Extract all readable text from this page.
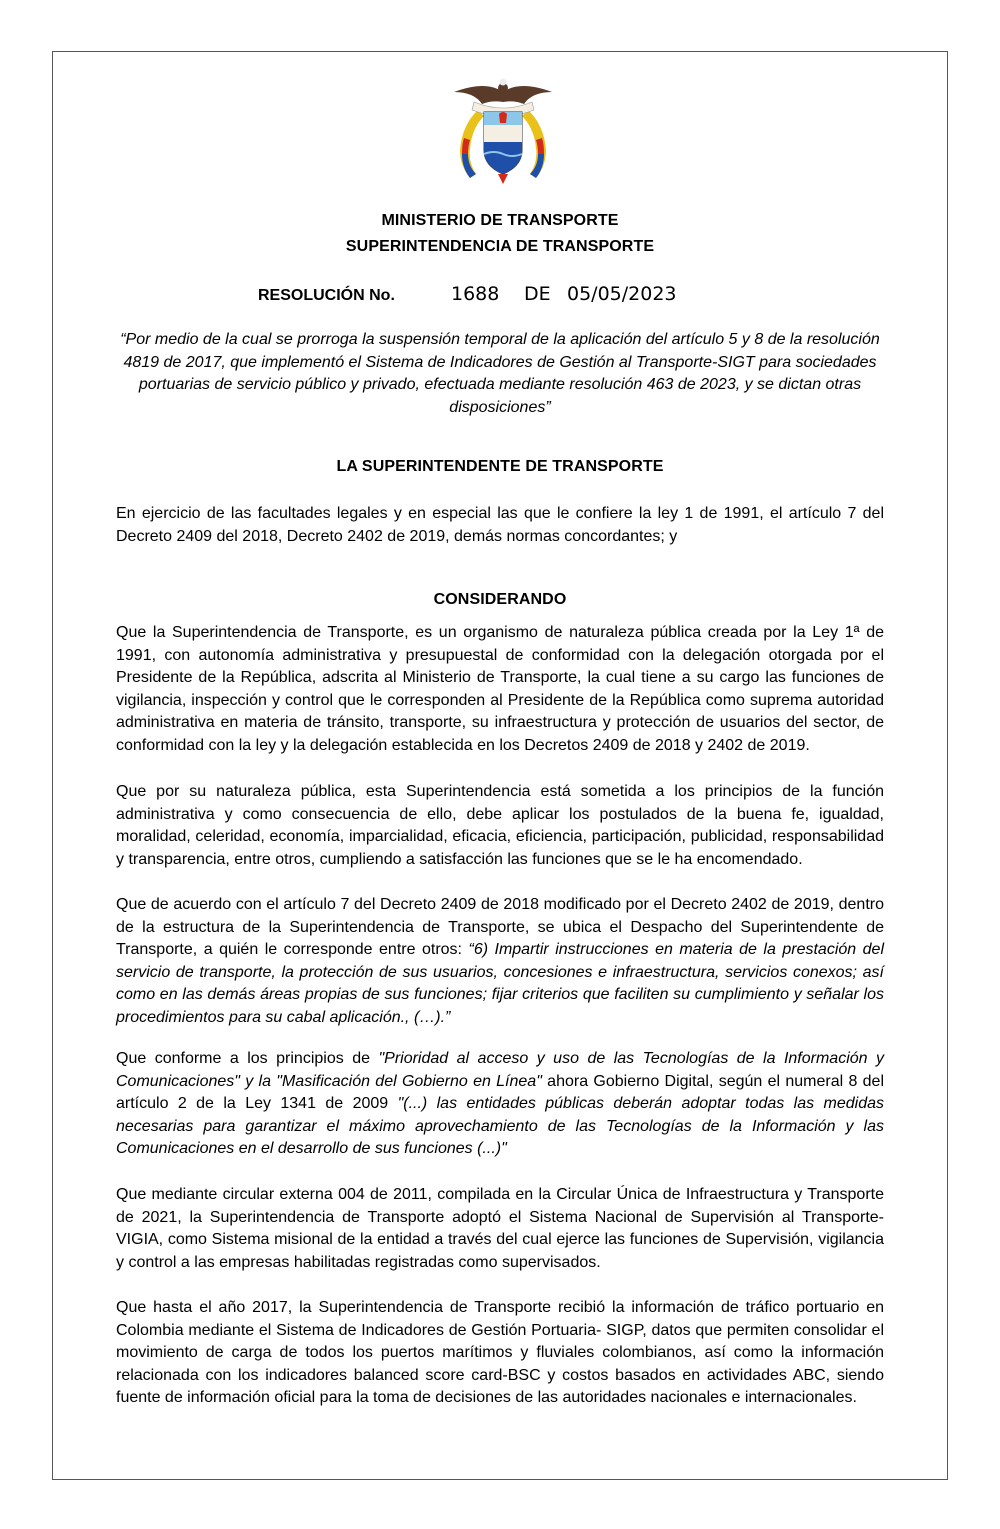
MINISTERIO DE TRANSPORTE
SUPERINTENDENCIA DE TRANSPORTE
RESOLUCIÓN No.	1688 DE 05/05/2023
“Por medio de la cual se prorroga la suspensión temporal de la aplicación del artículo 5 y 8 de la resolución 4819 de 2017, que implementó el Sistema de Indicadores de Gestión al Transporte-SIGT para sociedades portuarias de servicio público y privado, efectuada mediante resolución 463 de 2023, y se dictan otras disposiciones”
LA SUPERINTENDENTE DE TRANSPORTE
En ejercicio de las facultades legales y en especial las que le confiere la ley 1 de 1991, el artículo 7 del Decreto 2409 del 2018, Decreto 2402 de 2019, demás normas concordantes; y
CONSIDERANDO
Que la Superintendencia de Transporte, es un organismo de naturaleza pública creada por la Ley 1ª de 1991, con autonomía administrativa y presupuestal de conformidad con la delegación otorgada por el Presidente de la República, adscrita al Ministerio de Transporte, la cual tiene a su cargo las funciones de vigilancia, inspección y control que le corresponden al Presidente de la República como suprema autoridad administrativa en materia de tránsito, transporte, su infraestructura y protección de usuarios del sector, de conformidad con la ley y la delegación establecida en los Decretos 2409 de 2018 y 2402 de 2019.
Que por su naturaleza pública, esta Superintendencia está sometida a los principios de la función administrativa y como consecuencia de ello, debe aplicar los postulados de la buena fe, igualdad, moralidad, celeridad, economía, imparcialidad, eficacia, eficiencia, participación, publicidad, responsabilidad y transparencia, entre otros, cumpliendo a satisfacción las funciones que se le ha encomendado.
Que de acuerdo con el artículo 7 del Decreto 2409 de 2018 modificado por el Decreto 2402 de 2019, dentro de la estructura de la Superintendencia de Transporte, se ubica el Despacho del Superintendente de Transporte, a quién le corresponde entre otros: “6) Impartir instrucciones en materia de la prestación del servicio de transporte, la protección de sus usuarios, concesiones e infraestructura, servicios conexos; así como en las demás áreas propias de sus funciones; fijar criterios que faciliten su cumplimiento y señalar los procedimientos para su cabal aplicación., (…).”
Que conforme a los principios de "Prioridad al acceso y uso de las Tecnologías de la Información y Comunicaciones" y la "Masificación del Gobierno en Línea" ahora Gobierno Digital, según el numeral 8 del artículo 2 de la Ley 1341 de 2009 "(...) las entidades públicas deberán adoptar todas las medidas necesarias para garantizar el máximo aprovechamiento de las Tecnologías de la Información y las Comunicaciones en el desarrollo de sus funciones (...)"
Que mediante circular externa 004 de 2011, compilada en la Circular Única de Infraestructura y Transporte de 2021, la Superintendencia de Transporte adoptó el Sistema Nacional de Supervisión al Transporte-VIGIA, como Sistema misional de la entidad a través del cual ejerce las funciones de Supervisión, vigilancia y control a las empresas habilitadas registradas como supervisados.
Que hasta el año 2017, la Superintendencia de Transporte recibió la información de tráfico portuario en Colombia mediante el Sistema de Indicadores de Gestión Portuaria- SIGP, datos que permiten consolidar el movimiento de carga de todos los puertos marítimos y fluviales colombianos, así como la información relacionada con los indicadores balanced score card-BSC y costos basados en actividades ABC, siendo fuente de información oficial para la toma de decisiones de las autoridades nacionales e internacionales.
